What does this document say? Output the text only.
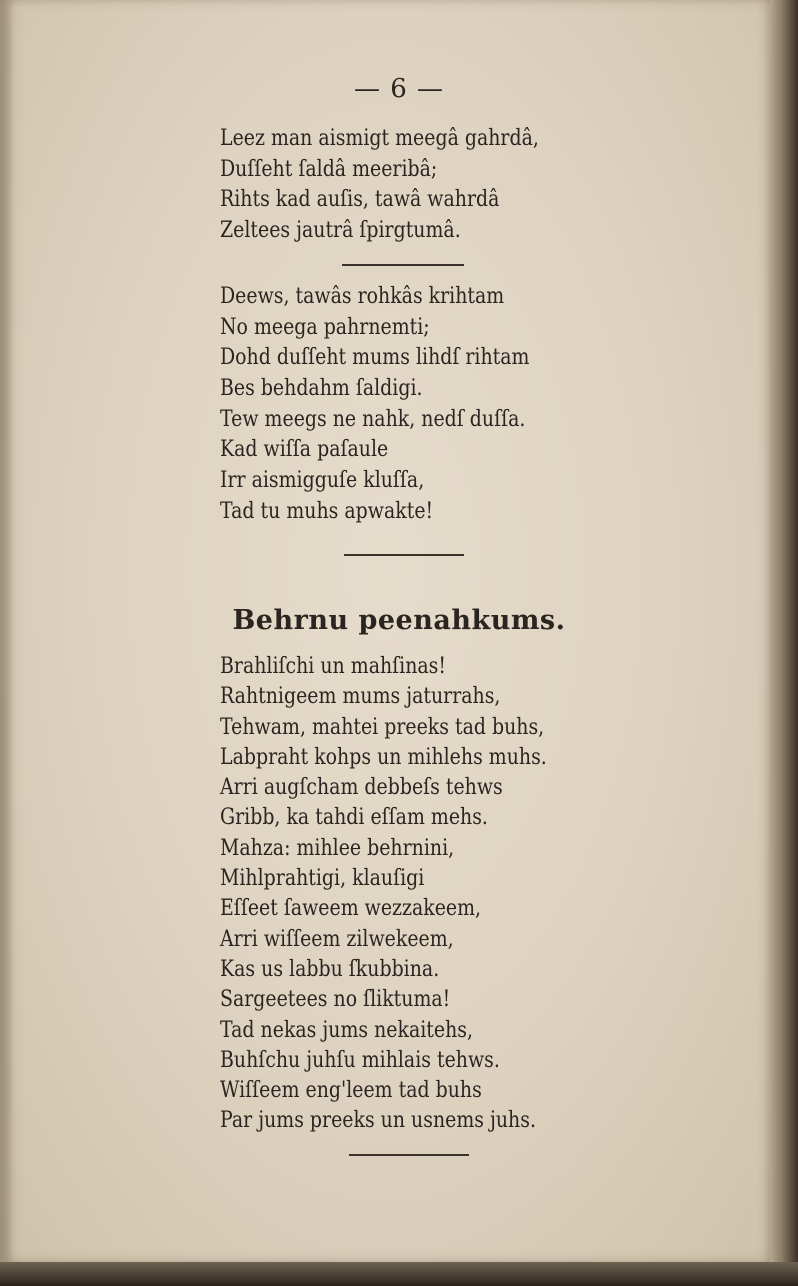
— 6 —
Leez man aismigt meegâ gahrdâ,
Duſſeht ſaldâ meeribâ;
Rihts kad auſis, tawâ wahrdâ
Zeltees jautrâ ſpirgtumâ.
Deews, tawâs rohkâs krihtam
No meega pahrnemti;
Dohd duſſeht mums lihdſ rihtam
Bes behdahm ſaldigi.
Tew meegs ne nahk, nedſ duſſa.
Kad wiſſa paſaule
Irr aismigguſe kluſſa,
Tad tu muhs apwakte!
Behrnu peenahkums.
Brahliſchi un mahſinas!
Rahtnigeem mums jaturrahs,
Tehwam, mahtei preeks tad buhs,
Labpraht kohps un mihlehs muhs.
Arri augſcham debbeſs tehws
Gribb, ka tahdi eſſam mehs.
Mahza: mihlee behrnini,
Mihlprahtigi, klauſigi
Eſſeet ſaweem wezzakeem,
Arri wiſſeem zilwekeem,
Kas us labbu ſkubbina.
Sargeetees no ſliktuma!
Tad nekas jums nekaitehs,
Buhſchu juhſu mihlais tehws.
Wiſſeem eng'leem tad buhs
Par jums preeks un usnems juhs.
